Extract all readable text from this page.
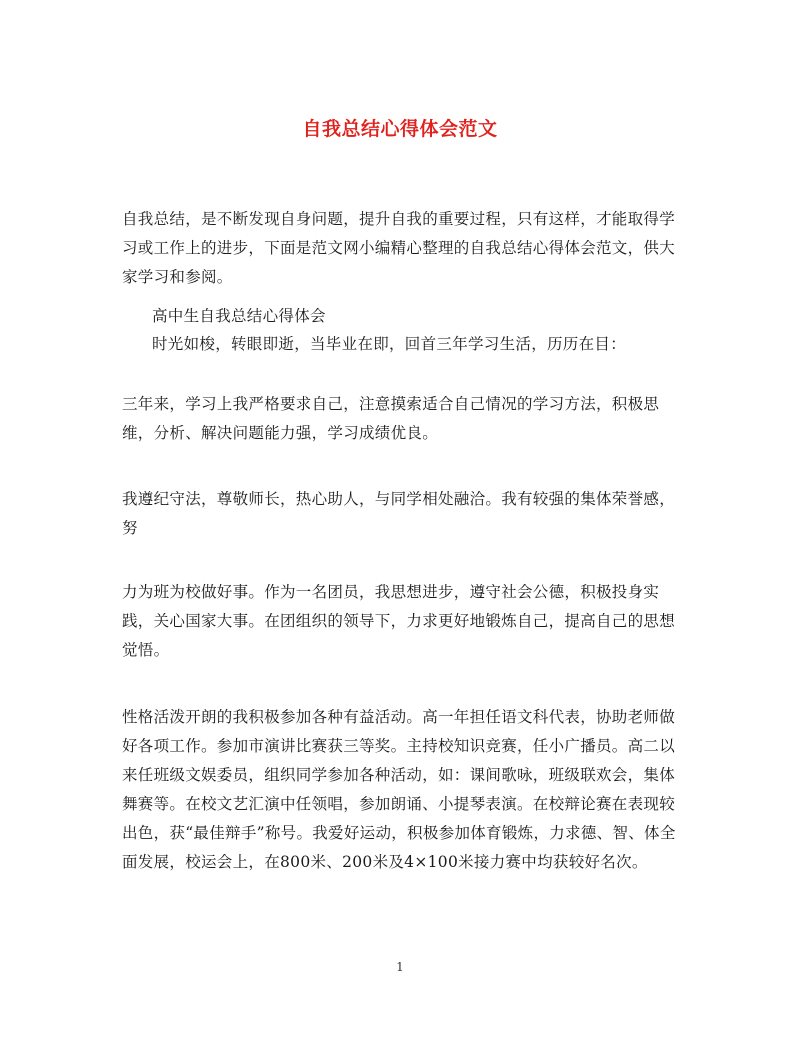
自我总结心得体会范文

自我总结，是不断发现自身问题，提升自我的重要过程，只有这样，才能取得学习或工作上的进步，下面是范文网小编精心整理的自我总结心得体会范文，供大家学习和参阅。

高中生自我总结心得体会

时光如梭，转眼即逝，当毕业在即，回首三年学习生活，历历在目：

三年来，学习上我严格要求自己，注意摸索适合自己情况的学习方法，积极思维，分析、解决问题能力强，学习成绩优良。

我遵纪守法，尊敬师长，热心助人，与同学相处融洽。我有较强的集体荣誉感，努

力为班为校做好事。作为一名团员，我思想进步，遵守社会公德，积极投身实践，关心国家大事。在团组织的领导下，力求更好地锻炼自己，提高自己的思想觉悟。

性格活泼开朗的我积极参加各种有益活动。高一年担任语文科代表，协助老师做好各项工作。参加市演讲比赛获三等奖。主持校知识竞赛，任小广播员。高二以来任班级文娱委员，组织同学参加各种活动，如：课间歌咏，班级联欢会，集体舞赛等。在校文艺汇演中任领唱，参加朗诵、小提琴表演。在校辩论赛在表现较出色，获“最佳辩手”称号。我爱好运动，积极参加体育锻炼，力求德、智、体全面发展，校运会上，在800米、200米及4×100米接力赛中均获较好名次。

1
